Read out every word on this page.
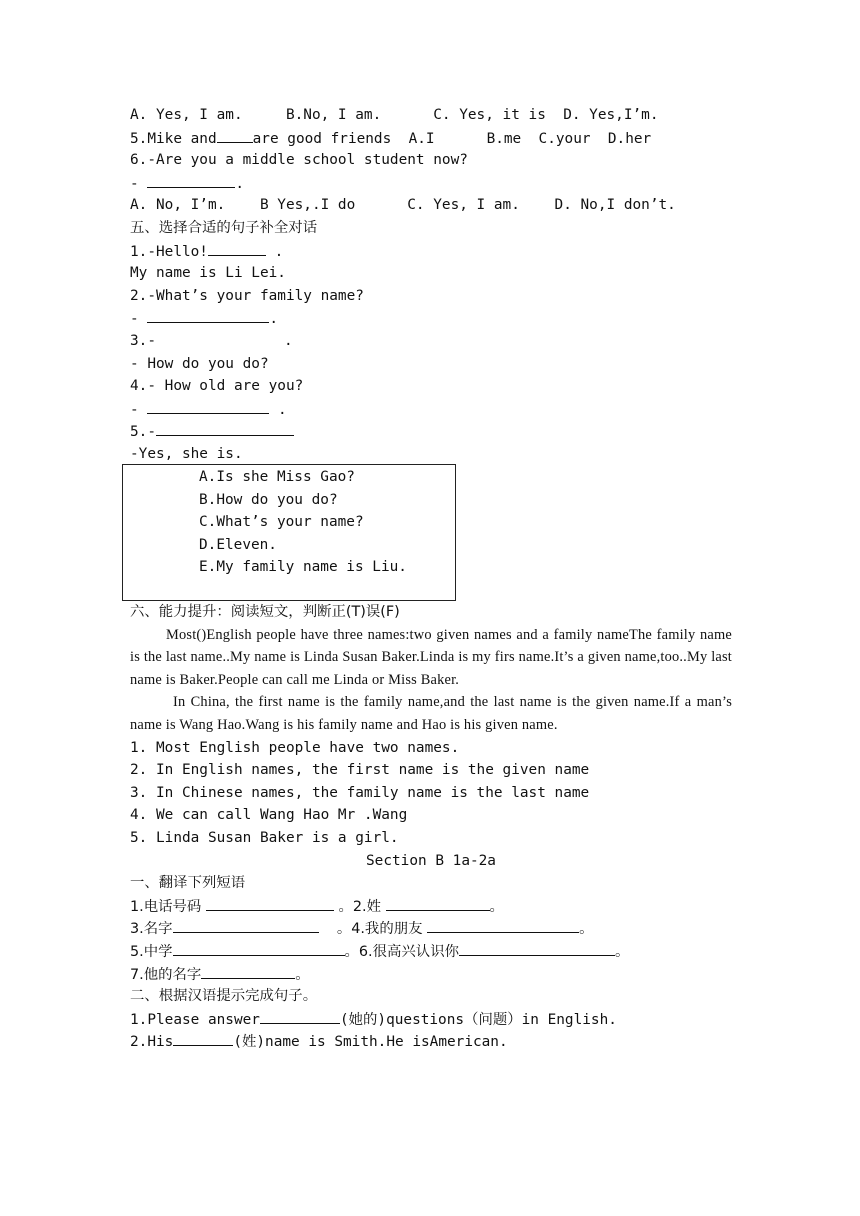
A. Yes, I am.     B.No, I am.      C. Yes, it is  D. Yes,I’m.
5.Mike and	are good friends  A.I      B.me  C.your  D.her
6.-Are you a middle school student now?
-	.
A. No, I’m.    B Yes,.I do      C. Yes, I am.    D. No,I don’t.
五、选择合适的句子补全对话
1.-Hello!	.
My name is Li Lei.
2.-What’s your family name?
-	.
3.-	.
- How do you do?
4.- How old are you?
-	.
5.-
-Yes, she is.
A.Is she Miss Gao?
B.How do you do?
C.What’s your name?
D.Eleven.
E.My family name is Liu.
六、能力提升：阅读短文，判断正(T)误(F)
Most()English people have three names:two given names and a family nameThe family name is the last name..My name is Linda Susan Baker.Linda is my firs name.It’s a given name,too..My last name is Baker.People can call me Linda or Miss Baker.
In China, the first name is the family name,and the last name is the given name.If a man’s name is Wang Hao.Wang is his family name and Hao is his given name.
1. Most English people have two names.
2. In English names, the first name is the given name
3. In Chinese names, the family name is the last name
4. We can call Wang Hao Mr .Wang
5. Linda Susan Baker is a girl.
Section B 1a-2a
一、翻译下列短语
1.电话号码	。2.姓	。
3.名字	。4.我的朋友	。
5.中学	。6.很高兴认识你	。
7.他的名字	。
二、根据汉语提示完成句子。
1.Please answer	(她的)questions（问题）in English.
2.His	(姓)name is Smith.He isAmerican.
